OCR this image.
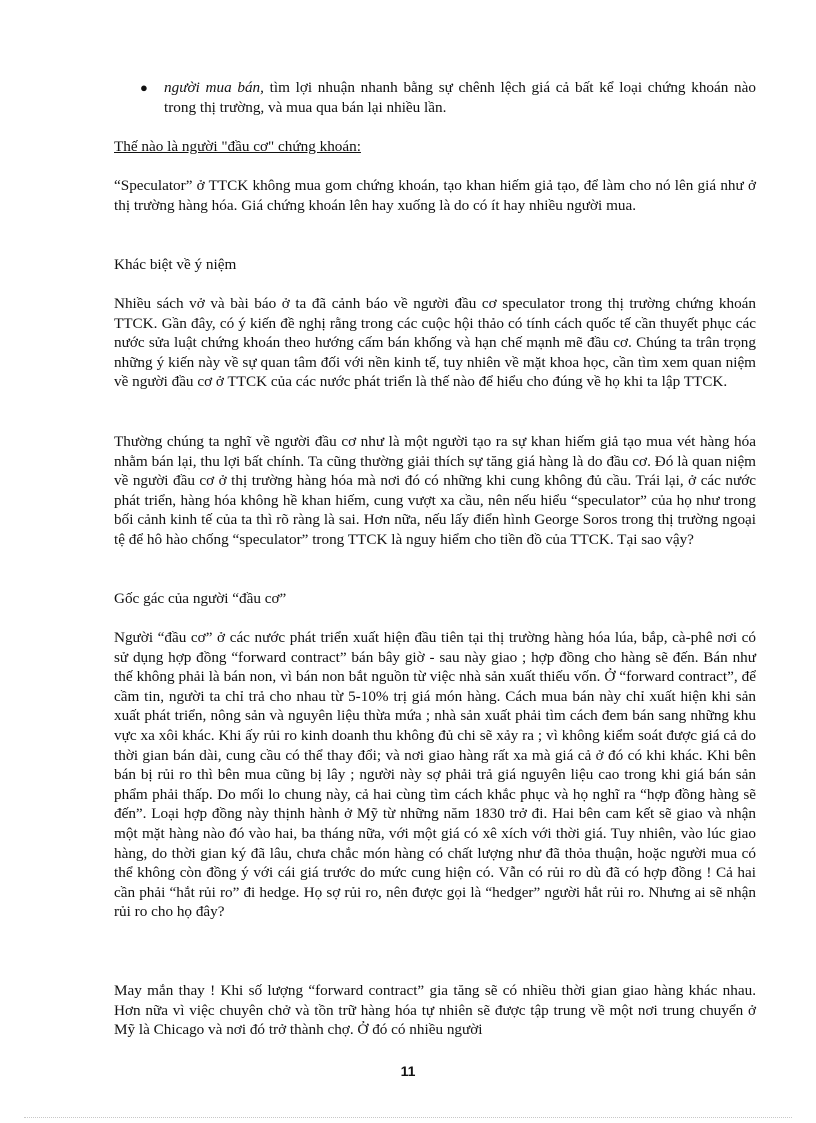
●	người mua bán, tìm lợi nhuận nhanh bằng sự chênh lệch giá cả bất kể loại chứng khoán nào trong thị trường, và mua qua bán lại nhiều lần.

Thế nào là người "đầu cơ" chứng khoán:

“Speculator” ở TTCK không mua gom chứng khoán, tạo khan hiếm giả tạo, để làm cho nó lên giá như ở thị trường hàng hóa. Giá chứng khoán lên hay xuống là do có ít hay nhiều người mua.

Khác biệt về ý niệm

Nhiều sách vở và bài báo ở ta đã cảnh báo về người đầu cơ speculator trong thị trường chứng khoán TTCK. Gần đây, có ý kiến đề nghị rằng trong các cuộc hội thảo có tính cách quốc tế cần thuyết phục các nước sửa luật chứng khoán theo hướng cấm bán khống và hạn chế mạnh mẽ đầu cơ. Chúng ta trân trọng những ý kiến này về sự quan tâm đối với nền kinh tế, tuy nhiên về mặt khoa học, cần tìm xem quan niệm về người đầu cơ ở TTCK của các nước phát triển là thế nào để hiểu cho đúng về họ khi ta lập TTCK.

Thường chúng ta nghĩ về người đầu cơ như là một người tạo ra sự khan hiếm giả tạo mua vét hàng hóa nhằm bán lại, thu lợi bất chính. Ta cũng thường giải thích sự tăng giá hàng là do đầu cơ. Đó là quan niệm về người đầu cơ ở thị trường hàng hóa mà nơi đó có những khi cung không đủ cầu. Trái lại, ở các nước phát triển, hàng hóa không hề khan hiếm, cung vượt xa cầu, nên nếu hiểu “speculator” của họ như trong bối cảnh kinh tế của ta thì rõ ràng là sai. Hơn nữa, nếu lấy điển hình George Soros trong thị trường ngoại tệ để hô hào chống “speculator” trong TTCK là nguy hiểm cho tiền đồ của TTCK. Tại sao vậy?

Gốc gác của người “đầu cơ”

Người “đầu cơ” ở các nước phát triển xuất hiện đầu tiên tại thị trường hàng hóa lúa, bắp, cà-phê nơi có sử dụng hợp đồng “forward contract” bán bây giờ - sau này giao ; hợp đồng cho hàng sẽ đến. Bán như thế không phải là bán non, vì bán non bắt nguồn từ việc nhà sản xuất thiếu vốn. Ở “forward contract”, để cầm tin, người ta chỉ trả cho nhau từ 5-10% trị giá món hàng. Cách mua bán này chỉ xuất hiện khi sản xuất phát triển, nông sản và nguyên liệu thừa mứa ; nhà sản xuất phải tìm cách đem bán sang những khu vực xa xôi khác. Khi ấy rủi ro kinh doanh thu không đủ chi sẽ xảy ra ; vì không kiểm soát được giá cả do thời gian bán dài, cung cầu có thể thay đổi; và nơi giao hàng rất xa mà giá cả ở đó có khi khác. Khi bên bán bị rủi ro thì bên mua cũng bị lây ; người này sợ phải trả giá nguyên liệu cao trong khi giá bán sản phẩm phải thấp. Do mối lo chung này, cả hai cùng tìm cách khắc phục và họ nghĩ ra “hợp đồng hàng sẽ đến”. Loại hợp đồng này thịnh hành ở Mỹ từ những năm 1830 trở đi. Hai bên cam kết sẽ giao và nhận một mặt hàng nào đó vào hai, ba tháng nữa, với một giá có xê xích với thời giá. Tuy nhiên, vào lúc giao hàng, do thời gian ký đã lâu, chưa chắc món hàng có chất lượng như đã thỏa thuận, hoặc người mua có thể không còn đồng ý với cái giá trước do mức cung hiện có. Vẫn có rủi ro dù đã có hợp đồng ! Cả hai cần phải “hắt rủi ro” đi hedge. Họ sợ rủi ro, nên được gọi là “hedger” người hắt rủi ro. Nhưng ai sẽ nhận rủi ro cho họ đây?

May mắn thay ! Khi số lượng “forward contract” gia tăng sẽ có nhiều thời gian giao hàng khác nhau. Hơn nữa vì việc chuyên chở và tồn trữ hàng hóa tự nhiên sẽ được tập trung về một nơi trung chuyển ở Mỹ là Chicago và nơi đó trở thành chợ. Ở đó có nhiều người

11
